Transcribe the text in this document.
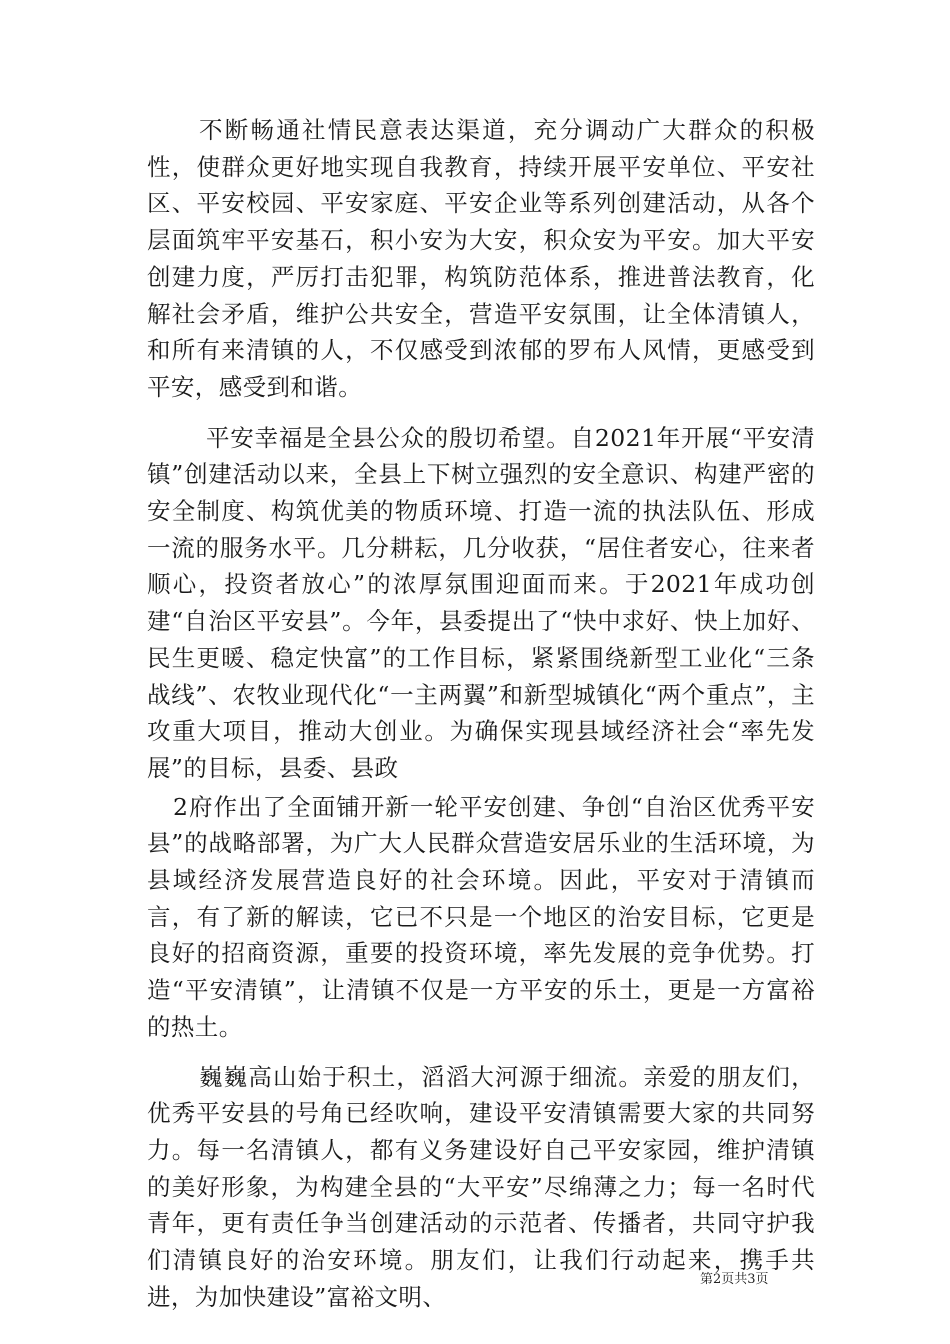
不断畅通社情民意表达渠道，充分调动广大群众的积极性，使群众更好地实现自我教育，持续开展平安单位、平安社区、平安校园、平安家庭、平安企业等系列创建活动，从各个层面筑牢平安基石，积小安为大安，积众安为平安。加大平安创建力度，严厉打击犯罪，构筑防范体系，推进普法教育，化解社会矛盾，维护公共安全，营造平安氛围，让全体清镇人，和所有来清镇的人，不仅感受到浓郁的罗布人风情，更感受到平安，感受到和谐。

平安幸福是全县公众的殷切希望。自2021年开展“平安清镇”创建活动以来，全县上下树立强烈的安全意识、构建严密的安全制度、构筑优美的物质环境、打造一流的执法队伍、形成一流的服务水平。几分耕耘，几分收获，“居住者安心，往来者顺心，投资者放心”的浓厚氛围迎面而来。于2021年成功创建“自治区平安县”。今年，县委提出了“快中求好、快上加好、民生更暖、稳定快富”的工作目标，紧紧围绕新型工业化“三条战线”、农牧业现代化“一主两翼”和新型城镇化“两个重点”，主攻重大项目，推动大创业。为确保实现县域经济社会“率先发展”的目标，县委、县政

2府作出了全面铺开新一轮平安创建、争创“自治区优秀平安县”的战略部署，为广大人民群众营造安居乐业的生活环境，为县域经济发展营造良好的社会环境。因此，平安对于清镇而言，有了新的解读，它已不只是一个地区的治安目标，它更是良好的招商资源，重要的投资环境，率先发展的竞争优势。打造“平安清镇”，让清镇不仅是一方平安的乐土，更是一方富裕的热土。

巍巍高山始于积土，滔滔大河源于细流。亲爱的朋友们，优秀平安县的号角已经吹响，建设平安清镇需要大家的共同努力。每一名清镇人，都有义务建设好自己平安家园，维护清镇的美好形象，为构建全县的“大平安”尽绵薄之力；每一名时代青年，更有责任争当创建活动的示范者、传播者，共同守护我们清镇良好的治安环境。朋友们，让我们行动起来，携手共进，为加快建设”富裕文明、

第2页共3页
